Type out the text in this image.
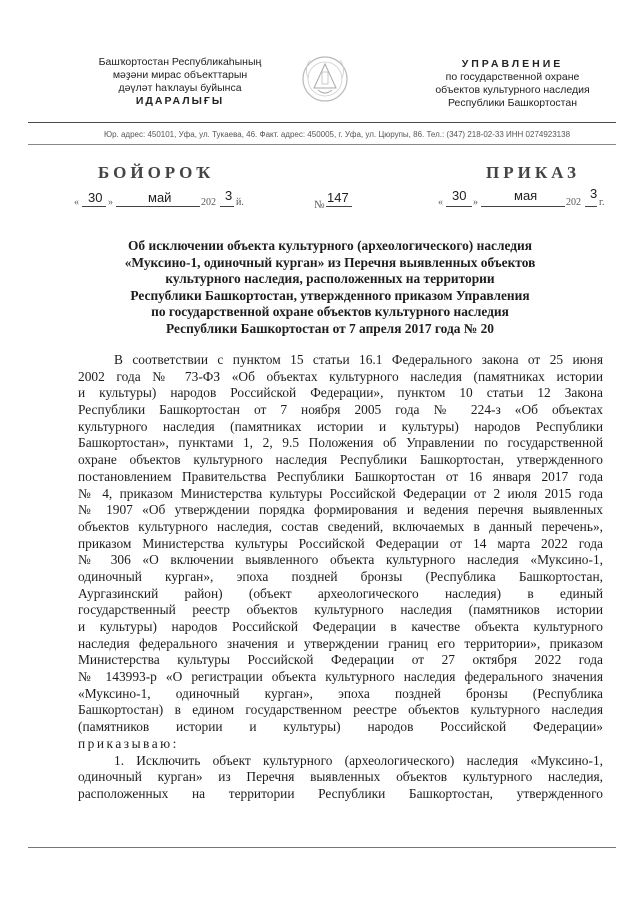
Башҡортостан Республикаһының
мәҙәни мирас объекттарын
дәүләт һаҡлауы буйынса
ИДАРАЛЫҒЫ
УПРАВЛЕНИЕ
по государственной охране
объектов культурного наследия
Республики Башкортостан
Юр. адрес: 450101, Уфа, ул. Тукаева, 46. Факт. адрес: 450005, г. Уфа, ул. Цюрупы, 86. Тел.: (347) 218-02-33 ИНН 0274923138
БОЙОРОҠ	ПРИКАЗ
« 30 »	май	202 3 й.	№ 147	« 30 »	мая	202
3
г.
Об исключении объекта культурного (археологического) наследия
«Муксино-1, одиночный курган» из Перечня выявленных объектов
культурного наследия, расположенных на территории
Республики Башкортостан, утвержденного приказом Управления
по государственной охране объектов культурного наследия
Республики Башкортостан от 7 апреля 2017 года № 20
В соответствии с пунктом 15 статьи 16.1 Федерального закона от 25 июня
2002 года № 73-ФЗ «Об объектах культурного наследия (памятниках истории
и культуры) народов Российской Федерации», пунктом 10 статьи 12 Закона
Республики Башкортостан от 7 ноября 2005 года № 224-з «Об объектах
культурного наследия (памятниках истории и культуры) народов Республики
Башкортостан», пунктами 1, 2, 9.5 Положения об Управлении по государственной
охране объектов культурного наследия Республики Башкортостан, утвержденного
постановлением Правительства Республики Башкортостан от 16 января 2017 года
№ 4, приказом Министерства культуры Российской Федерации от 2 июля 2015 года
№ 1907 «Об утверждении порядка формирования и ведения перечня выявленных
объектов культурного наследия, состав сведений, включаемых в данный перечень»,
приказом Министерства культуры Российской Федерации от 14 марта 2022 года
№ 306 «О включении выявленного объекта культурного наследия «Муксино-1,
одиночный курган», эпоха поздней бронзы (Республика Башкортостан,
Аургазинский район) (объект археологического наследия) в единый
государственный реестр объектов культурного наследия (памятников истории
и культуры) народов Российской Федерации в качестве объекта культурного
наследия федерального значения и утверждении границ его территории», приказом
Министерства культуры Российской Федерации от 27 октября 2022 года
№ 143993-р «О регистрации объекта культурного наследия федерального значения
«Муксино-1, одиночный курган», эпоха поздней бронзы (Республика
Башкортостан) в едином государственном реестре объектов культурного наследия
(памятников истории и культуры) народов Российской Федерации»
приказываю:
1. Исключить объект культурного (археологического) наследия «Муксино-1,
одиночный курган» из Перечня выявленных объектов культурного наследия,
расположенных на территории Республики Башкортостан, утвержденного
